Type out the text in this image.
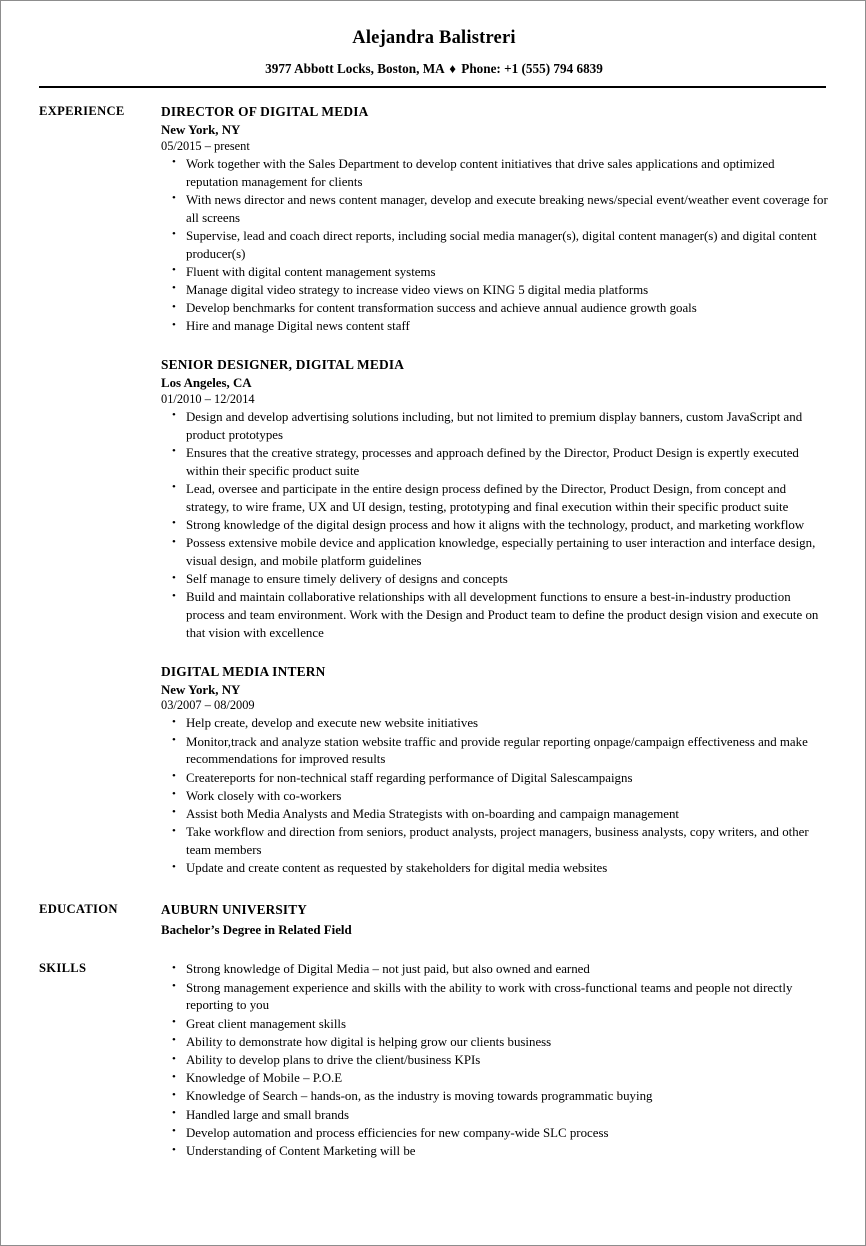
Alejandra Balistreri
3977 Abbott Locks, Boston, MA ♦ Phone: +1 (555) 794 6839
EXPERIENCE	DIRECTOR OF DIGITAL MEDIA
New York, NY
05/2015 – present
• Work together with the Sales Department to develop content initiatives that drive sales applications and optimized reputation management for clients
• With news director and news content manager, develop and execute breaking news/special event/weather event coverage for all screens
• Supervise, lead and coach direct reports, including social media manager(s), digital content manager(s) and digital content producer(s)
• Fluent with digital content management systems
• Manage digital video strategy to increase video views on KING 5 digital media platforms
• Develop benchmarks for content transformation success and achieve annual audience growth goals
• Hire and manage Digital news content staff
SENIOR DESIGNER, DIGITAL MEDIA
Los Angeles, CA
01/2010 – 12/2014
• Design and develop advertising solutions including, but not limited to premium display banners, custom JavaScript and product prototypes
• Ensures that the creative strategy, processes and approach defined by the Director, Product Design is expertly executed within their specific product suite
• Lead, oversee and participate in the entire design process defined by the Director, Product Design, from concept and strategy, to wire frame, UX and UI design, testing, prototyping and final execution within their specific product suite
• Strong knowledge of the digital design process and how it aligns with the technology, product, and marketing workflow
• Possess extensive mobile device and application knowledge, especially pertaining to user interaction and interface design, visual design, and mobile platform guidelines
• Self manage to ensure timely delivery of designs and concepts
• Build and maintain collaborative relationships with all development functions to ensure a best-in-industry production process and team environment. Work with the Design and Product team to define the product design vision and execute on that vision with excellence
DIGITAL MEDIA INTERN
New York, NY
03/2007 – 08/2009
• Help create, develop and execute new website initiatives
• Monitor,track and analyze station website traffic and provide regular reporting onpage/campaign effectiveness and make recommendations for improved results
• Createreports for non-technical staff regarding performance of Digital Salescampaigns
• Work closely with co-workers
• Assist both Media Analysts and Media Strategists with on-boarding and campaign management
• Take workflow and direction from seniors, product analysts, project managers, business analysts, copy writers, and other team members
• Update and create content as requested by stakeholders for digital media websites
EDUCATION	AUBURN UNIVERSITY
Bachelor’s Degree in Related Field
SKILLS	• Strong knowledge of Digital Media – not just paid, but also owned and earned
• Strong management experience and skills with the ability to work with cross-functional teams and people not directly reporting to you
• Great client management skills
• Ability to demonstrate how digital is helping grow our clients business
• Ability to develop plans to drive the client/business KPIs
• Knowledge of Mobile – P.O.E
• Knowledge of Search – hands-on, as the industry is moving towards programmatic buying
• Handled large and small brands
• Develop automation and process efficiencies for new company-wide SLC process
• Understanding of Content Marketing will be
